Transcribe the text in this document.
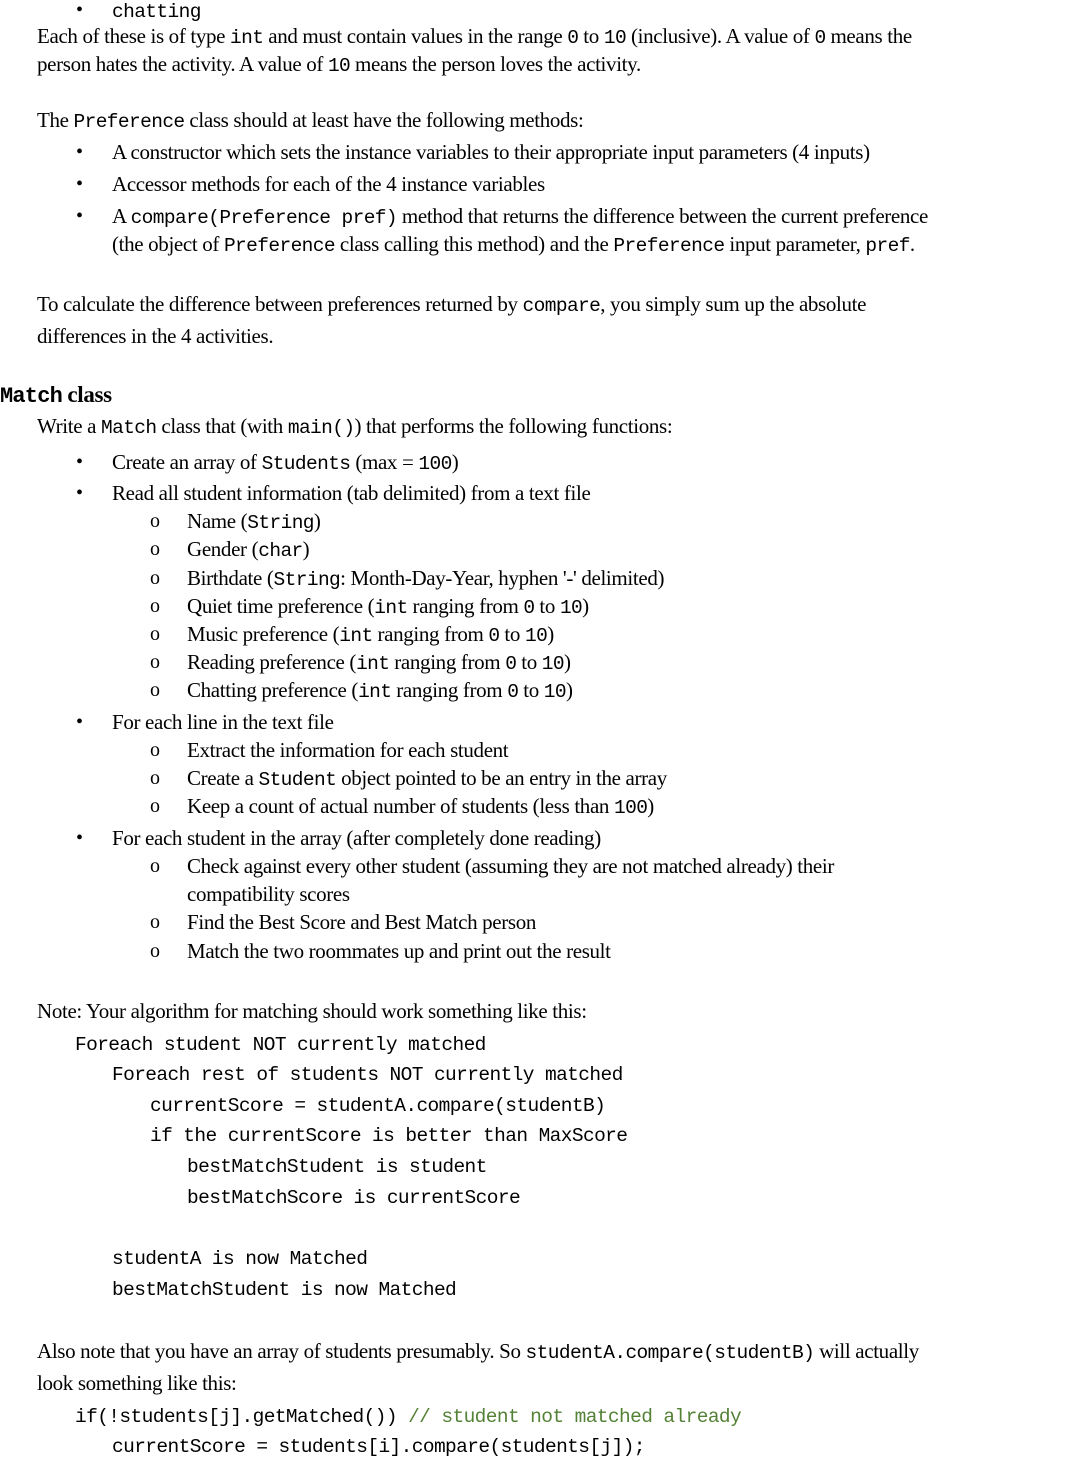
• chatting
Each of these is of type int and must contain values in the range 0 to 10 (inclusive). A value of 0 means the
person hates the activity. A value of 10 means the person loves the activity.
The Preference class should at least have the following methods:
• A constructor which sets the instance variables to their appropriate input parameters (4 inputs)
• Accessor methods for each of the 4 instance variables
• A compare(Preference pref) method that returns the difference between the current preference
(the object of Preference class calling this method) and the Preference input parameter, pref.
To calculate the difference between preferences returned by compare, you simply sum up the absolute
differences in the 4 activities.
Match class
Write a Match class that (with main()) that performs the following functions:
• Create an array of Students (max = 100)
• Read all student information (tab delimited) from a text file
o Name (String)
o Gender (char)
o Birthdate (String: Month-Day-Year, hyphen '-' delimited)
o Quiet time preference (int ranging from 0 to 10)
o Music preference (int ranging from 0 to 10)
o Reading preference (int ranging from 0 to 10)
o Chatting preference (int ranging from 0 to 10)
• For each line in the text file
o Extract the information for each student
o Create a Student object pointed to be an entry in the array
o Keep a count of actual number of students (less than 100)
• For each student in the array (after completely done reading)
o Check against every other student (assuming they are not matched already) their
compatibility scores
o Find the Best Score and Best Match person
o Match the two roommates up and print out the result
Note: Your algorithm for matching should work something like this:
Foreach student NOT currently matched
Foreach rest of students NOT currently matched
currentScore = studentA.compare(studentB)
if the currentScore is better than MaxScore
bestMatchStudent is student
bestMatchScore is currentScore
studentA is now Matched
bestMatchStudent is now Matched
Also note that you have an array of students presumably. So studentA.compare(studentB) will actually
look something like this:
if(!students[j].getMatched()) // student not matched already
currentScore = students[i].compare(students[j]);
